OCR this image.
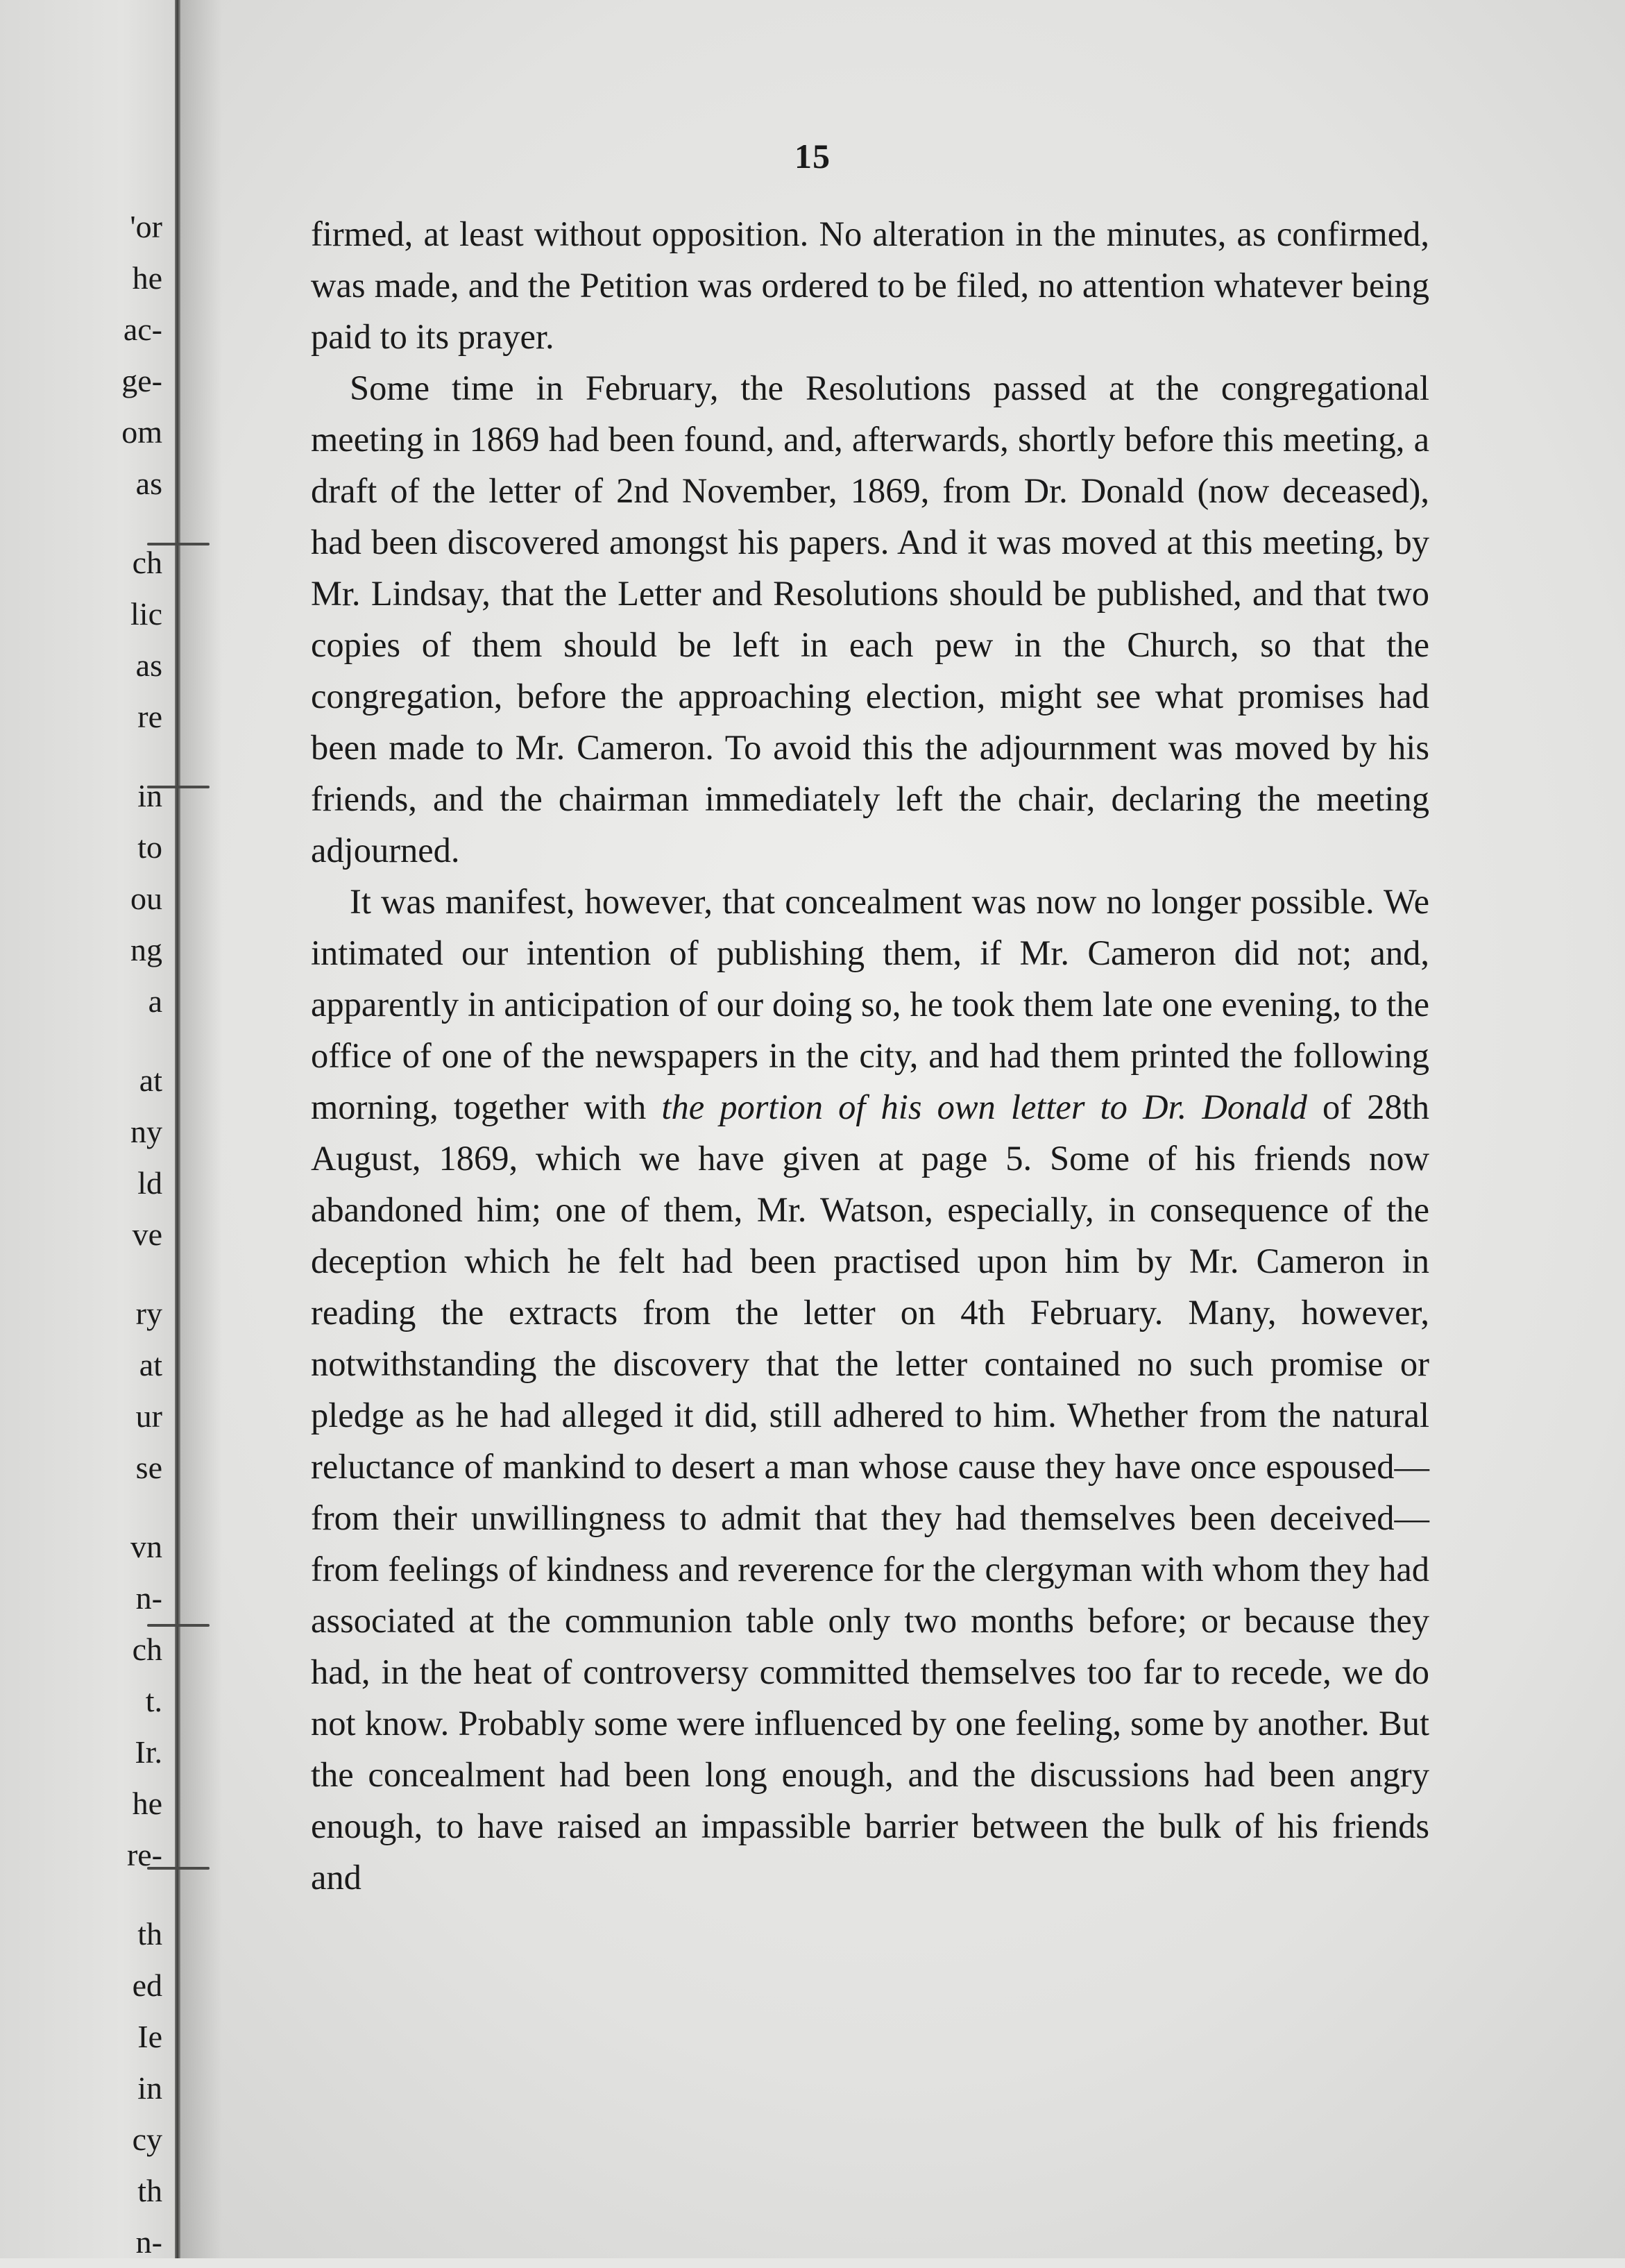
'or
he
ac-
ge-
om
as
ch
lic
as
re
in
to
ou
ng
a
at
ny
ld
ve
ry
at
ur
se
vn
n-
ch
t.
Ir.
he
re-
th
ed
Ie
in
cy
th
n-
15

firmed, at least without opposition. No alteration in the minutes, as confirmed, was made, and the Petition was ordered to be filed, no attention whatever being paid to its prayer.

Some time in February, the Resolutions passed at the congregational meeting in 1869 had been found, and, afterwards, shortly before this meeting, a draft of the letter of 2nd November, 1869, from Dr. Donald (now deceased), had been discovered amongst his papers. And it was moved at this meeting, by Mr. Lindsay, that the Letter and Resolutions should be published, and that two copies of them should be left in each pew in the Church, so that the congregation, before the approaching election, might see what promises had been made to Mr. Cameron. To avoid this the adjournment was moved by his friends, and the chairman immediately left the chair, declaring the meeting adjourned.

It was manifest, however, that concealment was now no longer possible. We intimated our intention of publishing them, if Mr. Cameron did not; and, apparently in anticipation of our doing so, he took them late one evening, to the office of one of the newspapers in the city, and had them printed the following morning, together with the portion of his own letter to Dr. Donald of 28th August, 1869, which we have given at page 5. Some of his friends now abandoned him; one of them, Mr. Watson, especially, in consequence of the deception which he felt had been practised upon him by Mr. Cameron in reading the extracts from the letter on 4th February. Many, however, notwithstanding the discovery that the letter contained no such promise or pledge as he had alleged it did, still adhered to him. Whether from the natural reluctance of mankind to desert a man whose cause they have once espoused—from their unwillingness to admit that they had themselves been deceived—from feelings of kindness and reverence for the clergyman with whom they had associated at the communion table only two months before; or because they had, in the heat of controversy committed themselves too far to recede, we do not know. Probably some were influenced by one feeling, some by another. But the concealment had been long enough, and the discussions had been angry enough, to have raised an impassible barrier between the bulk of his friends and
